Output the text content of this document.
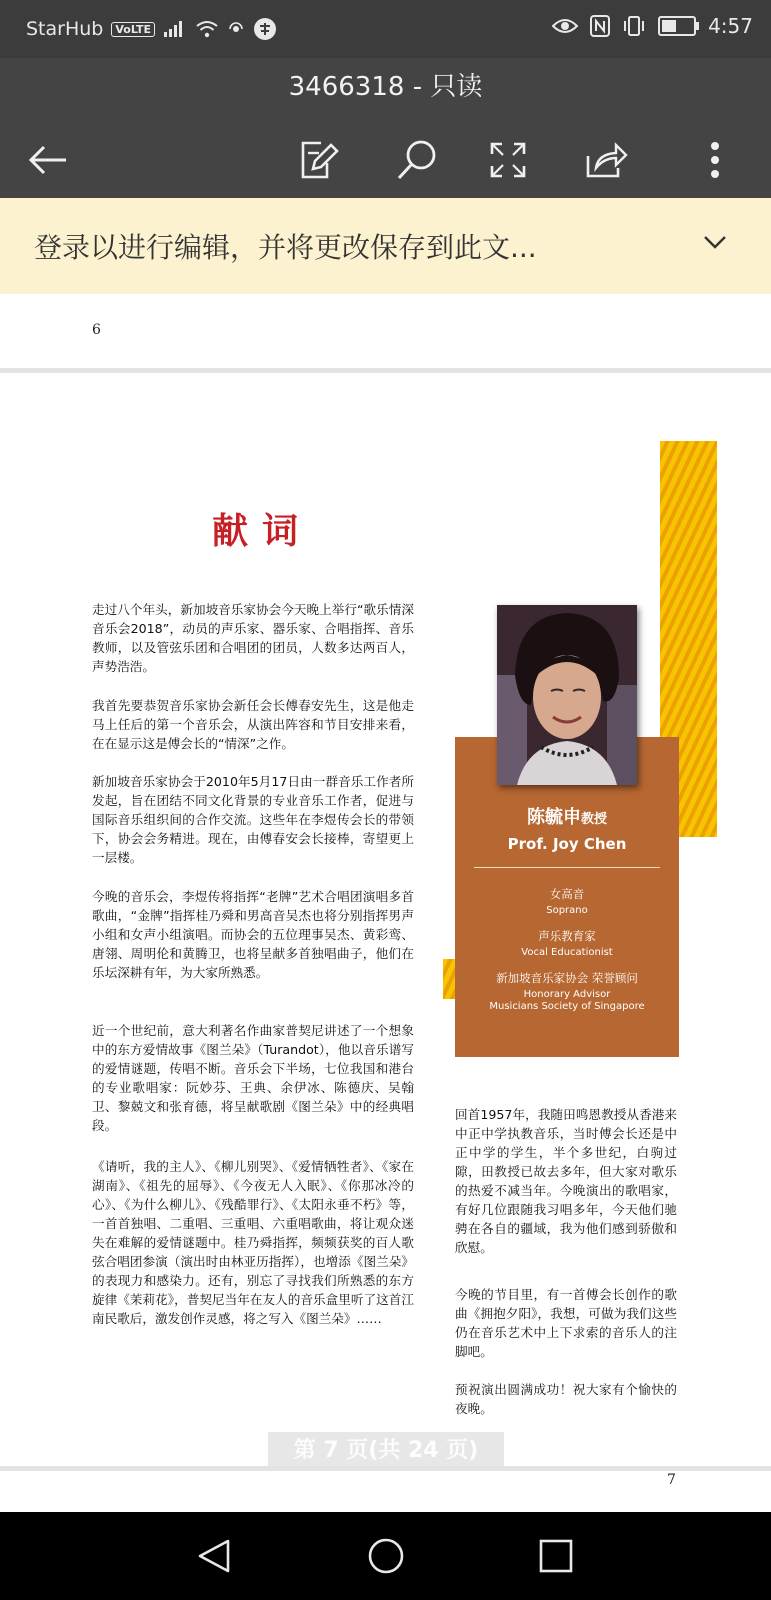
StarHub	VoLTE	4:57
3466318 - 只读
登录以进行编辑，并将更改保存到此文...
6
献词

走过八个年头，新加坡音乐家协会今天晚上举行“歌乐情深音乐会2018”，动员的声乐家、器乐家、合唱指挥、音乐教师，以及管弦乐团和合唱团的团员，人数多达两百人，声势浩浩。

我首先要恭贺音乐家协会新任会长傅春安先生，这是他走马上任后的第一个音乐会，从演出阵容和节目安排来看，在在显示这是傅会长的“情深”之作。

新加坡音乐家协会于2010年5月17日由一群音乐工作者所发起，旨在团结不同文化背景的专业音乐工作者，促进与国际音乐组织间的合作交流。这些年在李煜传会长的带领下，协会会务精进。现在，由傅春安会长接棒，寄望更上一层楼。

今晚的音乐会，李煜传将指挥“老牌”艺术合唱团演唱多首歌曲，“金牌”指挥桂乃舜和男高音吴杰也将分别指挥男声小组和女声小组演唱。而协会的五位理事吴杰、黄彩鸾、唐翎、周明伦和黄腾卫，也将呈献多首独唱曲子，他们在乐坛深耕有年，为大家所熟悉。

近一个世纪前，意大利著名作曲家普契尼讲述了一个想象中的东方爱情故事《图兰朵》（Turandot），他以音乐谱写的爱情谜题，传唱不断。音乐会下半场，七位我国和港台的专业歌唱家：阮妙芬、王典、余伊冰、陈德庆、吴翰卫、黎兢文和张育德，将呈献歌剧《图兰朵》中的经典唱段。

《请听，我的主人》、《柳儿别哭》、《爱情牺牲者》、《家在湖南》、《祖先的屈辱》、《今夜无人入眠》、《你那冰冷的心》、《为什么柳儿》、《残酷罪行》、《太阳永垂不朽》等，一首首独唱、二重唱、三重唱、六重唱歌曲，将让观众迷失在难解的爱情谜题中。桂乃舜指挥，频频获奖的百人歌弦合唱团参演（演出时由林亚历指挥），也增添《图兰朵》的表现力和感染力。还有，别忘了寻找我们所熟悉的东方旋律《茉莉花》，普契尼当年在友人的音乐盒里听了这首江南民歌后，激发创作灵感，将之写入《图兰朵》……

陈毓申教授
Prof. Joy Chen
女高音
Soprano
声乐教育家
Vocal Educationist
新加坡音乐家协会 荣誉顾问
Honorary Advisor
Musicians Society of Singapore

回首1957年，我随田鸣恩教授从香港来中正中学执教音乐，当时傅会长还是中正中学的学生，半个多世纪，白驹过隙，田教授已故去多年，但大家对歌乐的热爱不减当年。今晚演出的歌唱家，有好几位跟随我习唱多年，今天他们驰骋在各自的疆域，我为他们感到骄傲和欣慰。

今晚的节目里，有一首傅会长创作的歌曲《拥抱夕阳》，我想，可做为我们这些仍在音乐艺术中上下求索的音乐人的注脚吧。

预祝演出圆满成功！祝大家有个愉快的夜晚。

7
第 7 页(共 24 页)
